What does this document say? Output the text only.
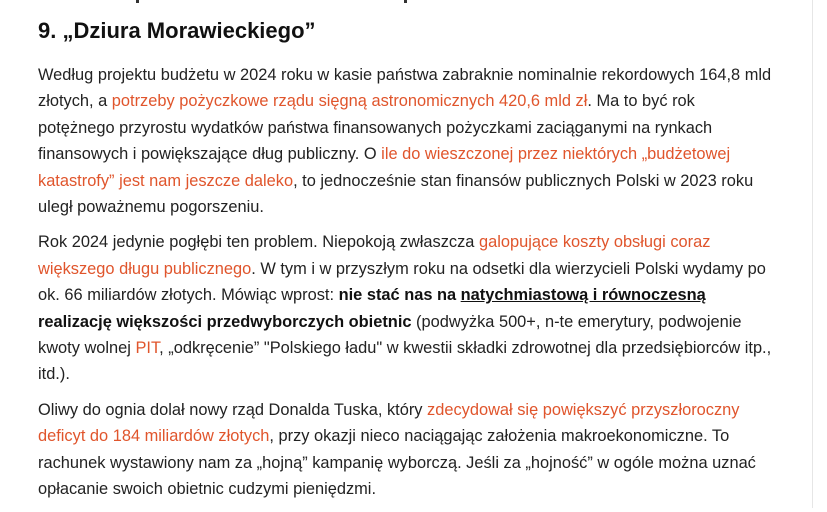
9. „Dziura Morawieckiego”

Według projektu budżetu w 2024 roku w kasie państwa zabraknie nominalnie rekordowych 164,8 mld złotych, a potrzeby pożyczkowe rządu sięgną astronomicznych 420,6 mld zł. Ma to być rok potężnego przyrostu wydatków państwa finansowanych pożyczkami zaciąganymi na rynkach finansowych i powiększające dług publiczny. O ile do wieszczonej przez niektórych „budżetowej katastrofy” jest nam jeszcze daleko, to jednocześnie stan finansów publicznych Polski w 2023 roku uległ poważnemu pogorszeniu.

Rok 2024 jedynie pogłębi ten problem. Niepokoją zwłaszcza galopujące koszty obsługi coraz większego długu publicznego. W tym i w przyszłym roku na odsetki dla wierzycieli Polski wydamy po ok. 66 miliardów złotych. Mówiąc wprost: nie stać nas na natychmiastową i równoczesną realizację większości przedwyborczych obietnic (podwyżka 500+, n-te emerytury, podwojenie kwoty wolnej PIT, „odkręcenie” "Polskiego ładu" w kwestii składki zdrowotnej dla przedsiębiorców itp., itd.).

Oliwy do ognia dolał nowy rząd Donalda Tuska, który zdecydował się powiększyć przyszłoroczny deficyt do 184 miliardów złotych, przy okazji nieco naciągając założenia makroekonomiczne. To rachunek wystawiony nam za „hojną” kampanię wyborczą. Jeśli za „hojność” w ogóle można uznać opłacanie swoich obietnic cudzymi pieniędzmi.
